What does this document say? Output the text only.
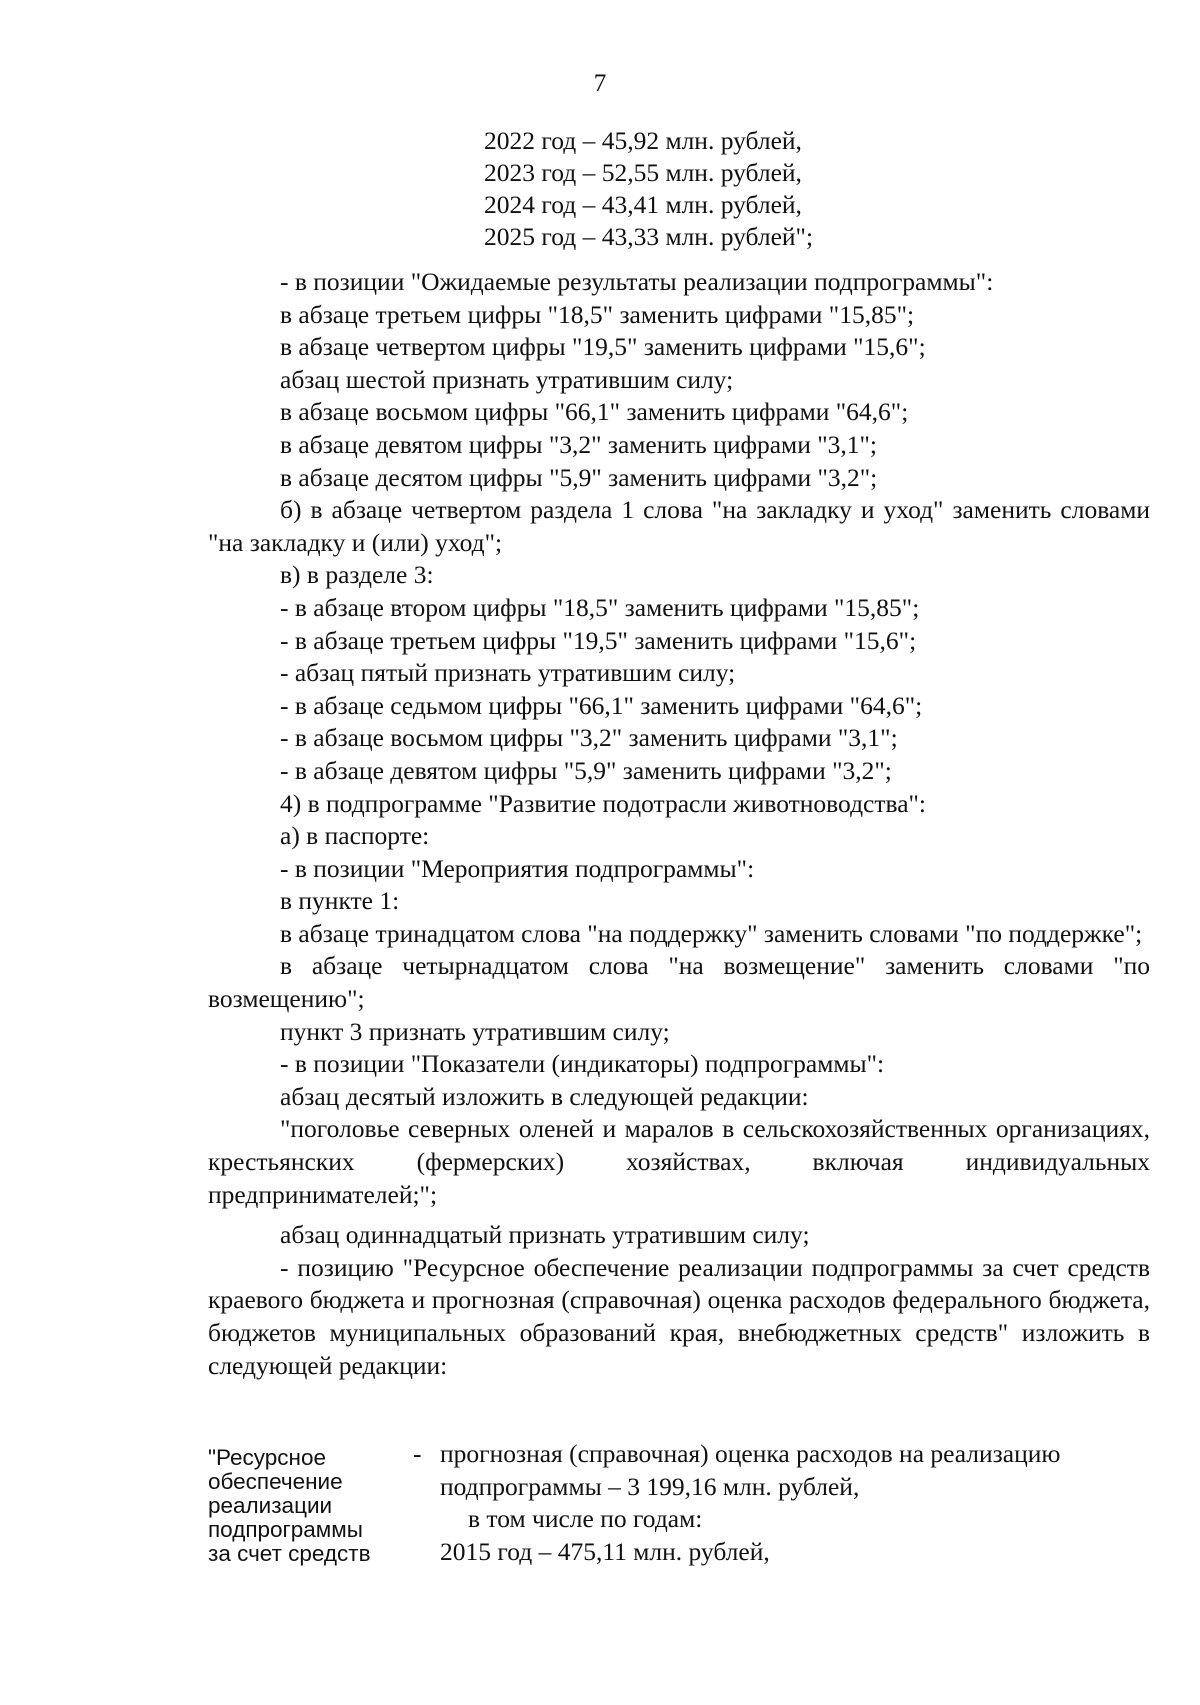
7
2022 год – 45,92 млн. рублей,
2023 год – 52,55 млн. рублей,
2024 год – 43,41 млн. рублей,
2025 год – 43,33 млн. рублей";

- в позиции "Ожидаемые результаты реализации подпрограммы":

в абзаце третьем цифры "18,5" заменить цифрами "15,85";

в абзаце четвертом цифры "19,5" заменить цифрами "15,6";

абзац шестой признать утратившим силу;

в абзаце восьмом цифры "66,1" заменить цифрами "64,6";

в абзаце девятом цифры "3,2" заменить цифрами "3,1";

в абзаце десятом цифры "5,9" заменить цифрами "3,2";

б) в абзаце четвертом раздела 1 слова "на закладку и уход" заменить словами "на закладку и (или) уход";

в) в разделе 3:

- в абзаце втором цифры "18,5" заменить цифрами "15,85";

- в абзаце третьем цифры "19,5" заменить цифрами "15,6";

- абзац пятый признать утратившим силу;

- в абзаце седьмом цифры "66,1" заменить цифрами "64,6";

- в абзаце восьмом цифры "3,2" заменить цифрами "3,1";

- в абзаце девятом цифры "5,9" заменить цифрами "3,2";

4) в подпрограмме "Развитие подотрасли животноводства":

а) в паспорте:

- в позиции "Мероприятия подпрограммы":

в пункте 1:

в абзаце тринадцатом слова "на поддержку" заменить словами "по поддержке";

в абзаце четырнадцатом слова "на возмещение" заменить словами "по возмещению";

пункт 3 признать утратившим силу;

- в позиции "Показатели (индикаторы) подпрограммы":

абзац десятый изложить в следующей редакции:

"поголовье северных оленей и маралов в сельскохозяйственных организациях, крестьянских (фермерских) хозяйствах, включая индивидуальных предпринимателей;";

абзац одиннадцатый признать утратившим силу;

- позицию "Ресурсное обеспечение реализации подпрограммы за счет средств краевого бюджета и прогнозная (справочная) оценка расходов федерального бюджета, бюджетов муниципальных образований края, внебюджетных средств" изложить в следующей редакции:

"Ресурсное
обеспечение
реализации
подпрограммы
за счет средств
- прогнозная (справочная) оценка расходов на реализацию
подпрограммы – 3 199,16 млн. рублей,
в том числе по годам:
2015 год – 475,11 млн. рублей,
